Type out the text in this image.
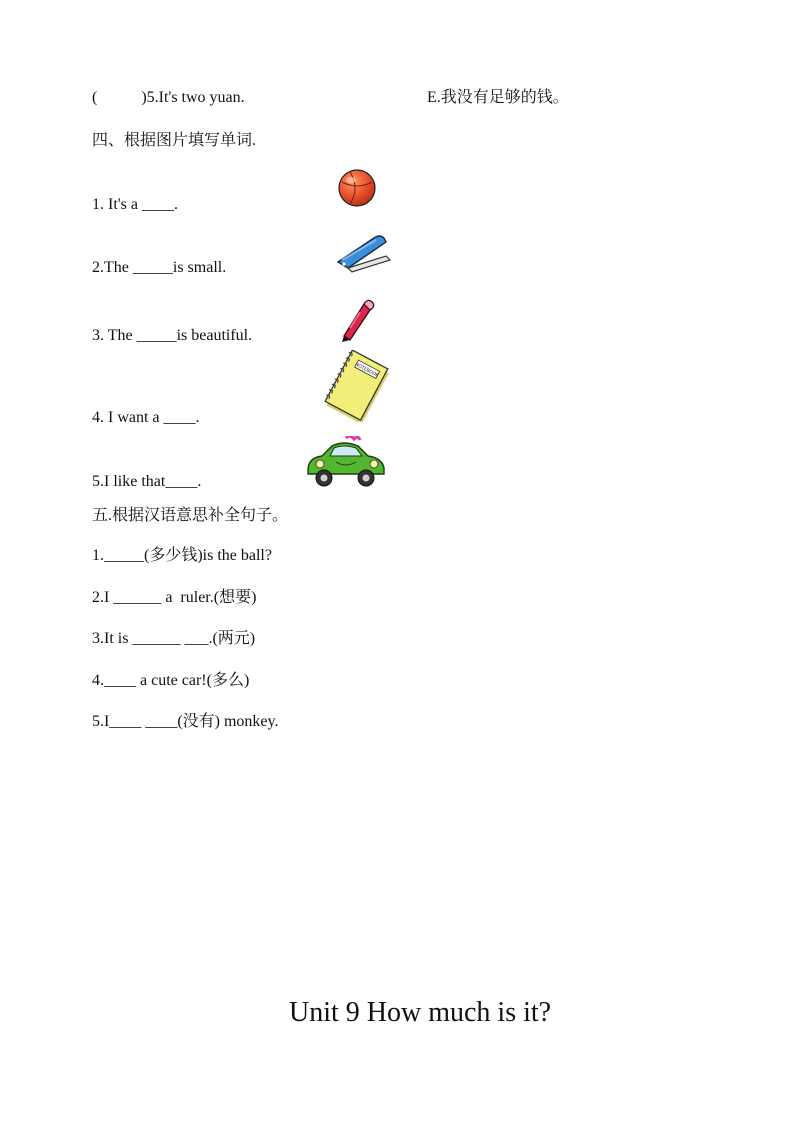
(           )5.It's two yuan.	E.我没有足够的钱。
四、根据图片填写单词.
1. It's a ____.
2.The _____is small.
3. The _____is beautiful.
4. I want a ____.
5.I like that____.
NOTEBOOK
五.根据汉语意思补全句子。
1._____(多少钱)is the ball?
2.I ______ a  ruler.(想要)
3.It is ______ ___.(两元)
4.____ a cute car!(多么)
5.I____ ____(没有) monkey.
Unit 9 How much is it?
